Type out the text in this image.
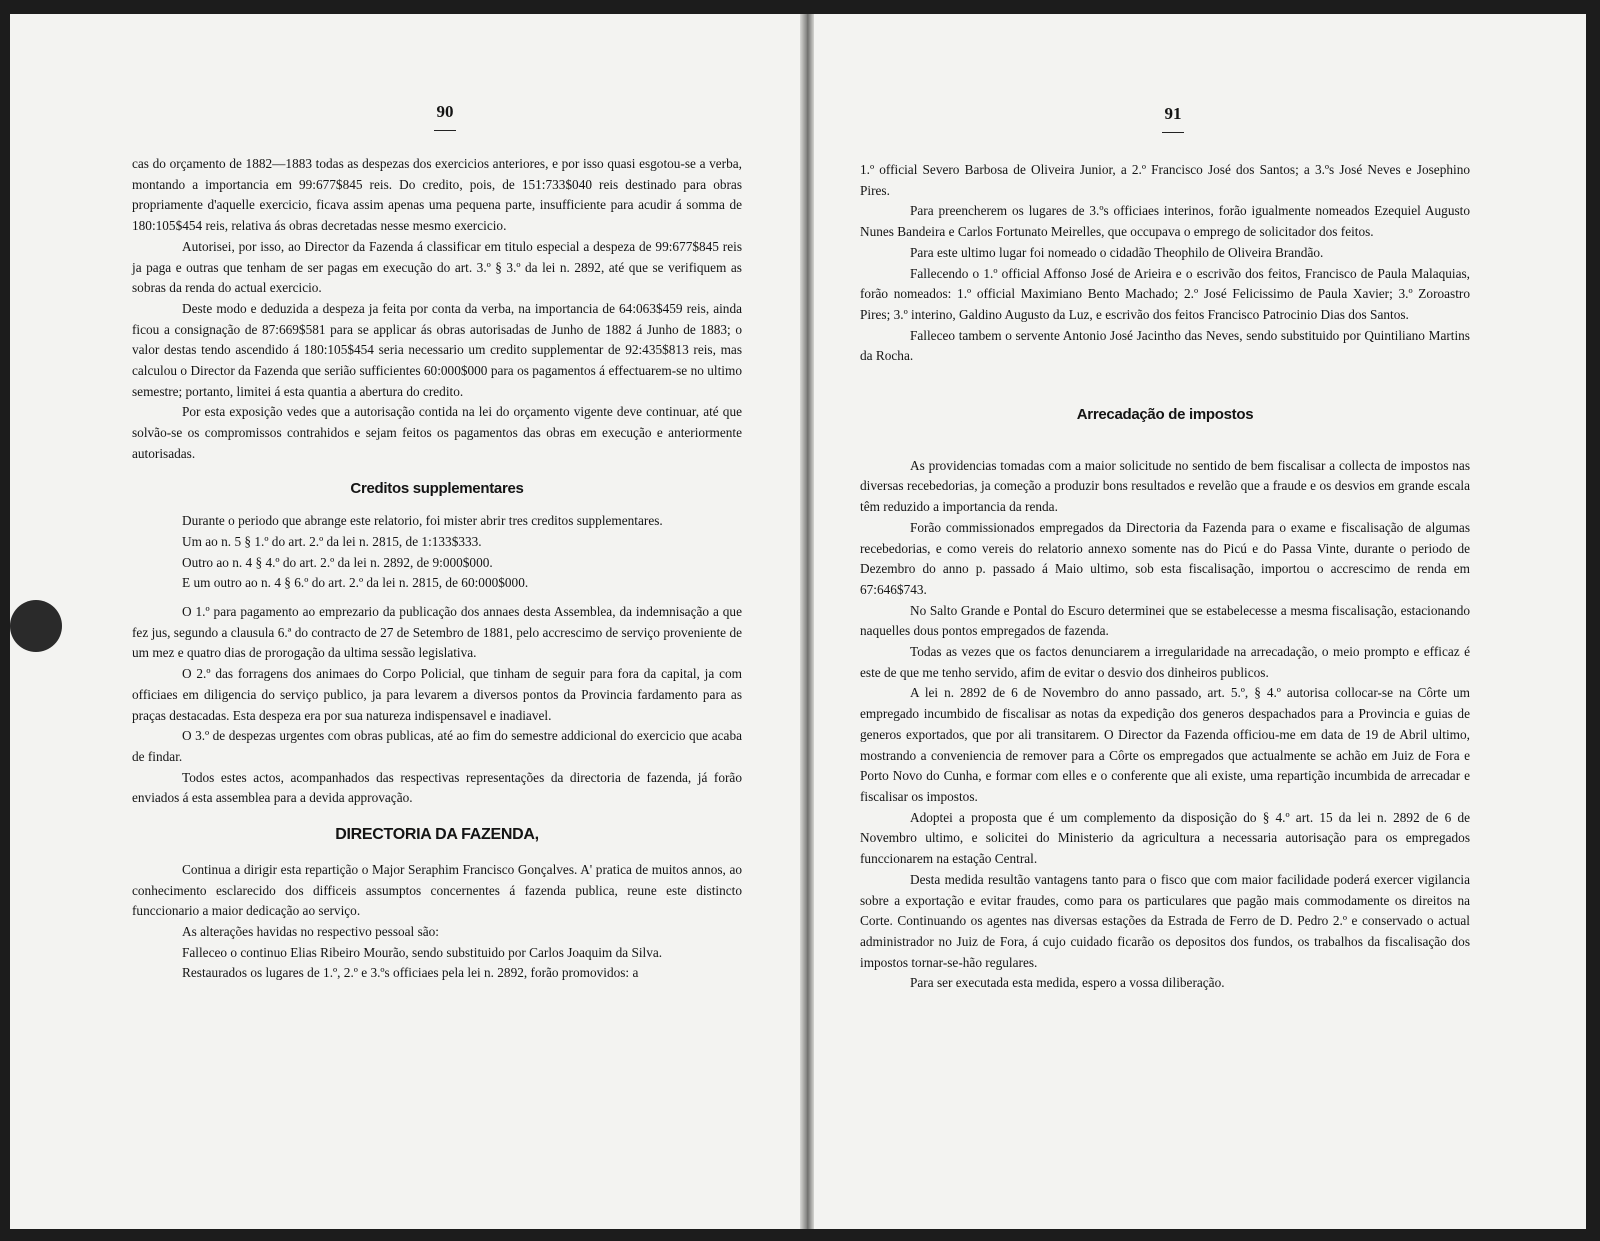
90

cas do orçamento de 1882—1883 todas as despezas dos exercicios anteriores, e por isso quasi esgotou-se a verba, montando a importancia em 99:677$845 reis. Do credito, pois, de 151:733$040 reis destinado para obras propriamente d'aquelle exercicio, ficava assim apenas uma pequena parte, insufficiente para acudir á somma de 180:105$454 reis, relativa ás obras decretadas nesse mesmo exercicio.

Autorisei, por isso, ao Director da Fazenda á classificar em titulo especial a despeza de 99:677$845 reis ja paga e outras que tenham de ser pagas em execução do art. 3.º § 3.º da lei n. 2892, até que se verifiquem as sobras da renda do actual exercicio.

Deste modo e deduzida a despeza ja feita por conta da verba, na importancia de 64:063$459 reis, ainda ficou a consignação de 87:669$581 para se applicar ás obras autorisadas de Junho de 1882 á Junho de 1883; o valor destas tendo ascendido á 180:105$454 seria necessario um credito supplementar de 92:435$813 reis, mas calculou o Director da Fazenda que serião sufficientes 60:000$000 para os pagamentos á effectuarem-se no ultimo semestre; portanto, limitei á esta quantia a abertura do credito.

Por esta exposição vedes que a autorisação contida na lei do orçamento vigente deve continuar, até que solvão-se os compromissos contrahidos e sejam feitos os pagamentos das obras em execução e anteriormente autorisadas.

Creditos supplementares

Durante o periodo que abrange este relatorio, foi mister abrir tres creditos supplementares.

Um ao n. 5 § 1.º do art. 2.º da lei n. 2815, de 1:133$333.

Outro ao n. 4 § 4.º do art. 2.º da lei n. 2892, de 9:000$000.

E um outro ao n. 4 § 6.º do art. 2.º da lei n. 2815, de 60:000$000.

O 1.º para pagamento ao emprezario da publicação dos annaes desta Assemblea, da indemnisação a que fez jus, segundo a clausula 6.ª do contracto de 27 de Setembro de 1881, pelo accrescimo de serviço proveniente de um mez e quatro dias de prorogação da ultima sessão legislativa.

O 2.º das forragens dos animaes do Corpo Policial, que tinham de seguir para fora da capital, ja com officiaes em diligencia do serviço publico, ja para levarem a diversos pontos da Provincia fardamento para as praças destacadas. Esta despeza era por sua natureza indispensavel e inadiavel.

O 3.º de despezas urgentes com obras publicas, até ao fim do semestre addicional do exercicio que acaba de findar.

Todos estes actos, acompanhados das respectivas representações da directoria de fazenda, já forão enviados á esta assemblea para a devida approvação.

DIRECTORIA DA FAZENDA,

Continua a dirigir esta repartição o Major Seraphim Francisco Gonçalves. A' pratica de muitos annos, ao conhecimento esclarecido dos difficeis assumptos concernentes á fazenda publica, reune este distincto funccionario a maior dedicação ao serviço.

As alterações havidas no respectivo pessoal são:

Falleceo o continuo Elias Ribeiro Mourão, sendo substituido por Carlos Joaquim da Silva.

Restaurados os lugares de 1.º, 2.º e 3.ºs officiaes pela lei n. 2892, forão promovidos: a

91

1.º official Severo Barbosa de Oliveira Junior, a 2.º Francisco José dos Santos; a 3.ºs José Neves e Josephino Pires.

Para preencherem os lugares de 3.ºs officiaes interinos, forão igualmente nomeados Ezequiel Augusto Nunes Bandeira e Carlos Fortunato Meirelles, que occupava o emprego de solicitador dos feitos.

Para este ultimo lugar foi nomeado o cidadão Theophilo de Oliveira Brandão.

Fallecendo o 1.º official Affonso José de Arieira e o escrivão dos feitos, Francisco de Paula Malaquias, forão nomeados: 1.º official Maximiano Bento Machado; 2.º José Felicissimo de Paula Xavier; 3.º Zoroastro Pires; 3.º interino, Galdino Augusto da Luz, e escrivão dos feitos Francisco Patrocinio Dias dos Santos.

Falleceo tambem o servente Antonio José Jacintho das Neves, sendo substituido por Quintiliano Martins da Rocha.

Arrecadação de impostos

As providencias tomadas com a maior solicitude no sentido de bem fiscalisar a collecta de impostos nas diversas recebedorias, ja começão a produzir bons resultados e revelão que a fraude e os desvios em grande escala têm reduzido a importancia da renda.

Forão commissionados empregados da Directoria da Fazenda para o exame e fiscalisação de algumas recebedorias, e como vereis do relatorio annexo somente nas do Picú e do Passa Vinte, durante o periodo de Dezembro do anno p. passado á Maio ultimo, sob esta fiscalisação, importou o accrescimo de renda em 67:646$743.

No Salto Grande e Pontal do Escuro determinei que se estabelecesse a mesma fiscalisação, estacionando naquelles dous pontos empregados de fazenda.

Todas as vezes que os factos denunciarem a irregularidade na arrecadação, o meio prompto e efficaz é este de que me tenho servido, afim de evitar o desvio dos dinheiros publicos.

A lei n. 2892 de 6 de Novembro do anno passado, art. 5.º, § 4.º autorisa collocar-se na Côrte um empregado incumbido de fiscalisar as notas da expedição dos generos despachados para a Provincia e guias de generos exportados, que por ali transitarem. O Director da Fazenda officiou-me em data de 19 de Abril ultimo, mostrando a conveniencia de remover para a Côrte os empregados que actualmente se achão em Juiz de Fora e Porto Novo do Cunha, e formar com elles e o conferente que ali existe, uma repartição incumbida de arrecadar e fiscalisar os impostos.

Adoptei a proposta que é um complemento da disposição do § 4.º art. 15 da lei n. 2892 de 6 de Novembro ultimo, e solicitei do Ministerio da agricultura a necessaria autorisação para os empregados funccionarem na estação Central.

Desta medida resultão vantagens tanto para o fisco que com maior facilidade poderá exercer vigilancia sobre a exportação e evitar fraudes, como para os particulares que pagão mais commodamente os direitos na Corte. Continuando os agentes nas diversas estações da Estrada de Ferro de D. Pedro 2.º e conservado o actual administrador no Juiz de Fora, á cujo cuidado ficarão os depositos dos fundos, os trabalhos da fiscalisação dos impostos tornar-se-hão regulares.

Para ser executada esta medida, espero a vossa diliberação.
